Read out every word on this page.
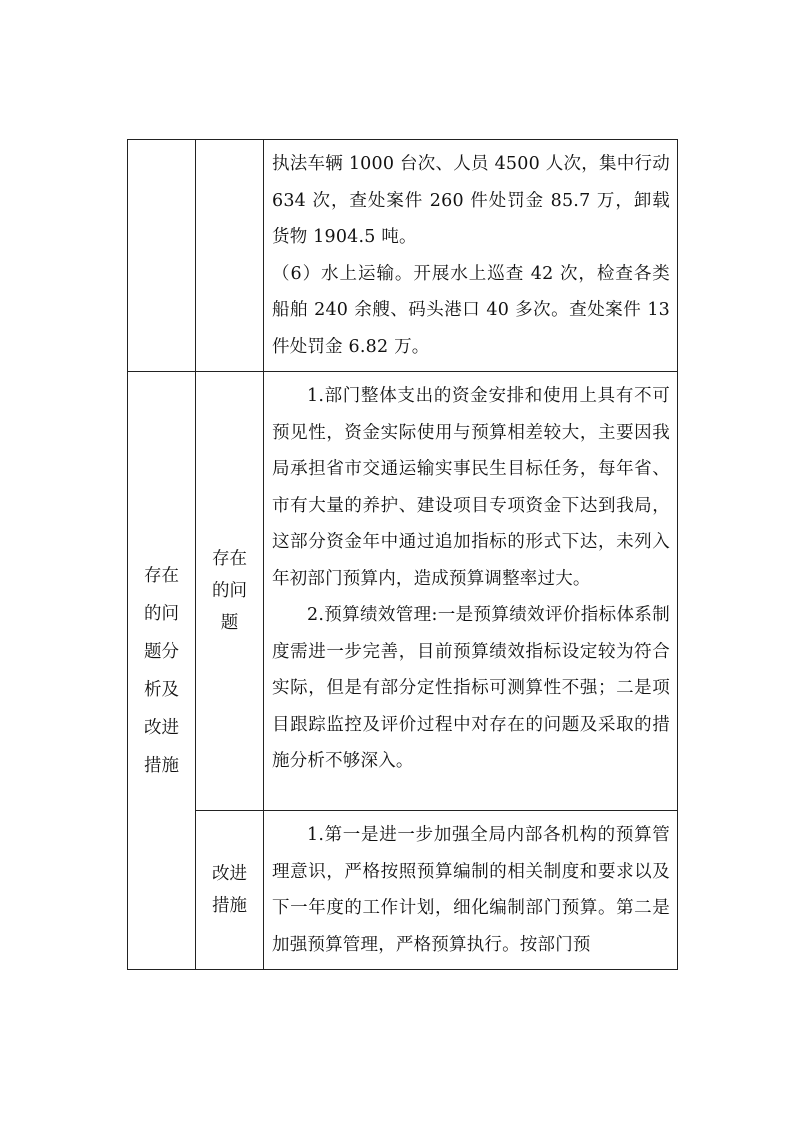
		执法车辆 1000 台次、人员 4500 人次，集中行动 634 次，查处案件 260 件处罚金 85.7 万，卸载货物 1904.5 吨。

（6）水上运输。开展水上巡查 42 次，检查各类船舶 240 余艘、码头港口 40 多次。查处案件 13 件处罚金 6.82 万。

存在的问题分析及改进措施	存在的问题	1.部门整体支出的资金安排和使用上具有不可预见性，资金实际使用与预算相差较大，主要因我局承担省市交通运输实事民生目标任务，每年省、市有大量的养护、建设项目专项资金下达到我局，这部分资金年中通过追加指标的形式下达，未列入年初部门预算内，造成预算调整率过大。

2.预算绩效管理:一是预算绩效评价指标体系制度需进一步完善，目前预算绩效指标设定较为符合实际，但是有部分定性指标可测算性不强；二是项目跟踪监控及评价过程中对存在的问题及采取的措施分析不够深入。

	改进措施	1.第一是进一步加强全局内部各机构的预算管理意识，严格按照预算编制的相关制度和要求以及下一年度的工作计划，细化编制部门预算。第二是加强预算管理，严格预算执行。按部门预
